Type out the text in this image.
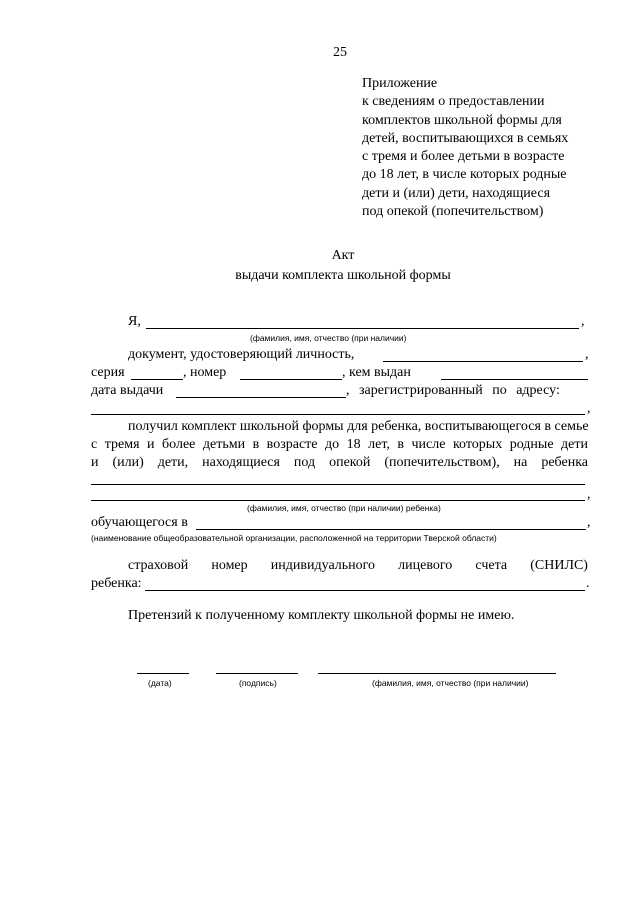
25
Приложение
к сведениям о предоставлении
комплектов школьной формы для
детей, воспитывающихся в семьях
с тремя и более детьми в возрасте
до 18 лет, в числе которых родные
дети и (или) дети, находящиеся
под опекой (попечительством)
Акт
выдачи комплекта школьной формы
Я,	,
(фамилия, имя, отчество (при наличии)
документ, удостоверяющий личность,	,
серия	, номер	, кем выдан
дата выдачи	, зарегистрированный по адресу:
,
получил комплект школьной формы для ребенка, воспитывающегося в семье
с тремя и более детьми в возрасте до 18 лет, в числе которых родные дети
и (или) дети, находящиеся под опекой (попечительством), на ребенка
,
(фамилия, имя, отчество (при наличии) ребенка)
обучающегося в	,
(наименование общеобразовательной организации, расположенной на территории Тверской области)
страховой номер индивидуального лицевого счета (СНИЛС)
ребенка:	.
Претензий к полученному комплекту школьной формы не имею.
(дата)	(подпись)	(фамилия, имя, отчество (при наличии)
